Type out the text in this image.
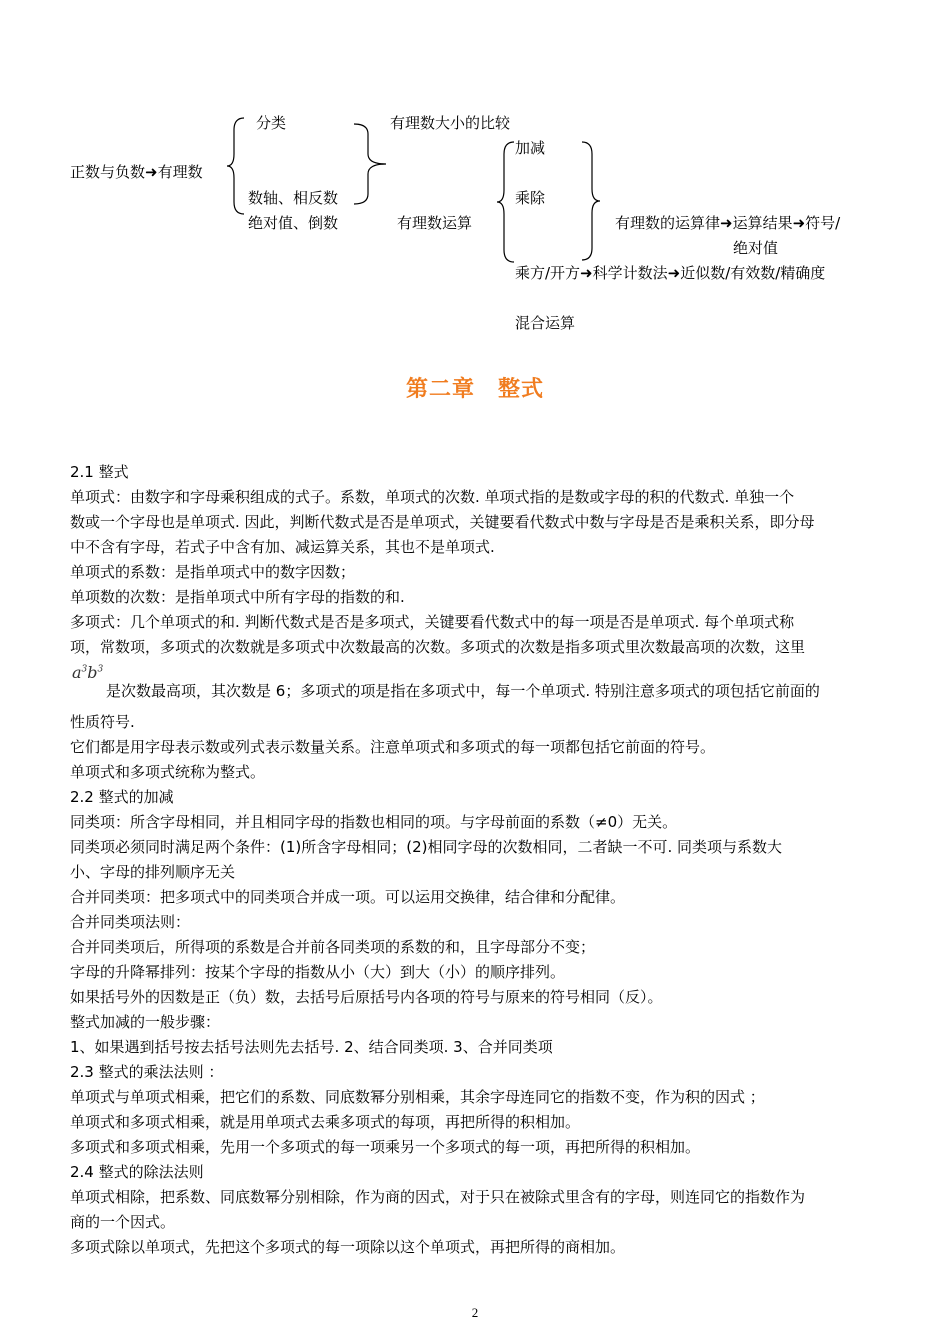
正数与负数➜有理数
分类
数轴、相反数
绝对值、倒数
有理数大小的比较
有理数运算
加减
乘除
有理数的运算律➜运算结果➜符号/
绝对值
乘方/开方➜科学计数法➜近似数/有效数/精确度
混合运算
第二章　整式
2.1 整式
单项式：由数字和字母乘积组成的式子。系数，单项式的次数. 单项式指的是数或字母的积的代数式. 单独一个
数或一个字母也是单项式. 因此，判断代数式是否是单项式，关键要看代数式中数与字母是否是乘积关系，即分母
中不含有字母，若式子中含有加、减运算关系，其也不是单项式.
单项式的系数：是指单项式中的数字因数；
单项数的次数：是指单项式中所有字母的指数的和.
多项式：几个单项式的和. 判断代数式是否是多项式，关键要看代数式中的每一项是否是单项式. 每个单项式称
项，常数项，多项式的次数就是多项式中次数最高的次数。多项式的次数是指多项式里次数最高项的次数，这里
$a^3b^3$
是次数最高项，其次数是 6；多项式的项是指在多项式中，每一个单项式. 特别注意多项式的项包括它前面的
性质符号.
它们都是用字母表示数或列式表示数量关系。注意单项式和多项式的每一项都包括它前面的符号。
单项式和多项式统称为整式。
2.2 整式的加减
同类项：所含字母相同，并且相同字母的指数也相同的项。与字母前面的系数（≠0）无关。
同类项必须同时满足两个条件：(1)所含字母相同；(2)相同字母的次数相同，二者缺一不可. 同类项与系数大
小、字母的排列顺序无关
合并同类项：把多项式中的同类项合并成一项。可以运用交换律，结合律和分配律。
合并同类项法则：
合并同类项后，所得项的系数是合并前各同类项的系数的和，且字母部分不变；
字母的升降幂排列：按某个字母的指数从小（大）到大（小）的顺序排列。
如果括号外的因数是正（负）数，去括号后原括号内各项的符号与原来的符号相同（反）。
整式加减的一般步骤：
1、如果遇到括号按去括号法则先去括号. 2、结合同类项. 3、合并同类项
2.3 整式的乘法法则 ：
单项式与单项式相乘，把它们的系数、同底数幂分别相乘，其余字母连同它的指数不变，作为积的因式 ；
单项式和多项式相乘，就是用单项式去乘多项式的每项，再把所得的积相加。
多项式和多项式相乘，先用一个多项式的每一项乘另一个多项式的每一项，再把所得的积相加。
2.4 整式的除法法则
单项式相除，把系数、同底数幂分别相除，作为商的因式，对于只在被除式里含有的字母，则连同它的指数作为
商的一个因式。
多项式除以单项式，先把这个多项式的每一项除以这个单项式，再把所得的商相加。
2
